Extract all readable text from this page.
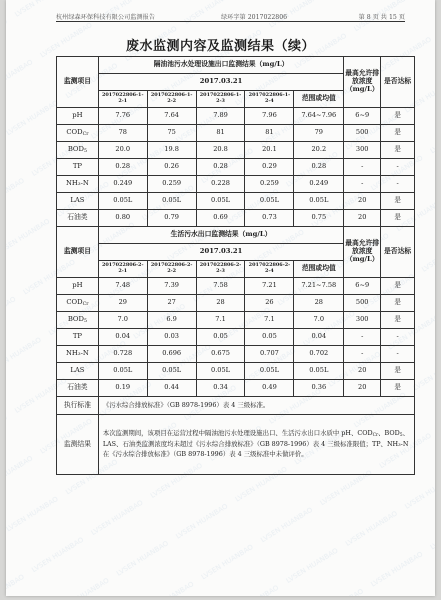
杭州绿森环保科技有限公司监测报告	绿环字第 2017022806	第 8 页 共 15 页
废水监测内容及监测结果（续）
监测项目	隔油池污水处理设施出口监测结果（mg/L）					最高允许排放浓度（mg/L）	是否达标
	2017.03.21						
	2017022806-1-2-1	2017022806-1-2-2	2017022806-1-2-3	2017022806-1-2-4	范围或均值		
pH	7.76	7.64	7.89	7.96	7.64~7.96	6~9	是
$COD_{Cr}$	78	75	81	81	79	500	是
$BOD_5$	20.0	19.8	20.8	20.1	20.2	300	是
TP	0.28	0.26	0.28	0.29	0.28	-	-
NH₃-N	0.249	0.259	0.228	0.259	0.249	-	-
LAS	0.05L	0.05L	0.05L	0.05L	0.05L	20	是
石油类	0.80	0.79	0.69	0.73	0.75	20	是
监测项目	生活污水出口监测结果（mg/L）					最高允许排放浓度（mg/L）	是否达标
	2017.03.21						
	2017022806-2-2-1	2017022806-2-2-2	2017022806-2-2-3	2017022806-2-2-4	范围或均值		
pH	7.48	7.39	7.58	7.21	7.21~7.58	6~9	是
$COD_{Cr}$	29	27	28	26	28	500	是
$BOD_5$	7.0	6.9	7.1	7.1	7.0	300	是
TP	0.04	0.03	0.05	0.05	0.04	-	-
NH₃-N	0.728	0.696	0.675	0.707	0.702	-	-
LAS	0.05L	0.05L	0.05L	0.05L	0.05L	20	是
石油类	0.19	0.44	0.34	0.49	0.36	20	是
执行标准	《污水综合排放标准》（GB 8978-1996）表 4 三级标准。						
监测结果	本次监测期间，该项目在运营过程中隔油池污水处理设施出口、生活污水出口水质中 pH、$COD_{Cr}$、$BOD_5$、LAS、石油类监测浓度均未超过《污水综合排放标准》（GB 8978-1996）表 4 三级标准限值；TP、NH₃-N 在《污水综合排放标准》（GB 8978-1996）表 4 三级标准中未做评价。						
